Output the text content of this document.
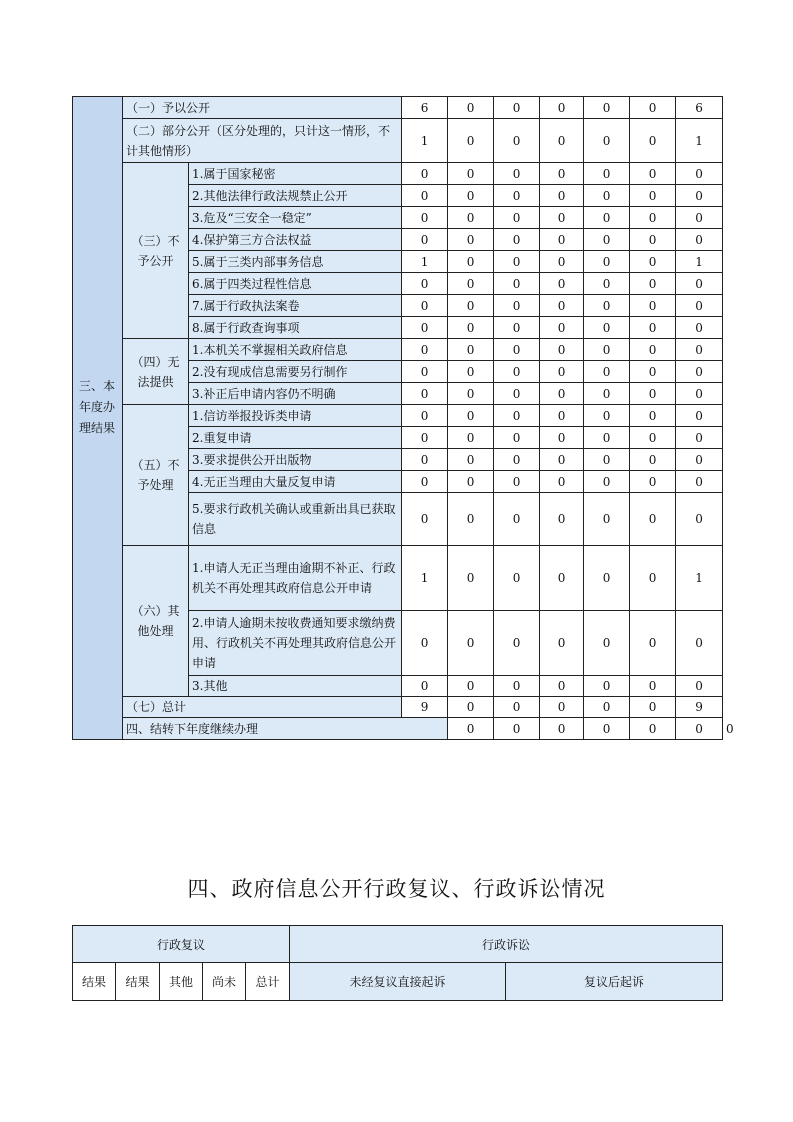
	（一）予以公开		6	0	0	0	0	0	6	
	（二）部分公开（区分处理的，只计这一情形，不计其他情形）		1	0	0	0	0	0	1	
	（三）不予公开	1.属于国家秘密	0	0	0	0	0	0	0	
		2.其他法律行政法规禁止公开	0	0	0	0	0	0	0	
		3.危及“三安全一稳定”	0	0	0	0	0	0	0	
		4.保护第三方合法权益	0	0	0	0	0	0	0	
		5.属于三类内部事务信息	1	0	0	0	0	0	1	
		6.属于四类过程性信息	0	0	0	0	0	0	0	
		7.属于行政执法案卷	0	0	0	0	0	0	0	
		8.属于行政查询事项	0	0	0	0	0	0	0	
	（四）无法提供	1.本机关不掌握相关政府信息	0	0	0	0	0	0	0	
		2.没有现成信息需要另行制作	0	0	0	0	0	0	0	
		3.补正后申请内容仍不明确	0	0	0	0	0	0	0	
	（五）不予处理	1.信访举报投诉类申请	0	0	0	0	0	0	0	
		2.重复申请	0	0	0	0	0	0	0	
		3.要求提供公开出版物	0	0	0	0	0	0	0	
		4.无正当理由大量反复申请	0	0	0	0	0	0	0	
		5.要求行政机关确认或重新出具已获取信息	0	0	0	0	0	0	0	
	（六）其他处理	1.申请人无正当理由逾期不补正、行政机关不再处理其政府信息公开申请	1	0	0	0	0	0	1	
		2.申请人逾期未按收费通知要求缴纳费用、行政机关不再处理其政府信息公开申请	0	0	0	0	0	0	0	
		3.其他	0	0	0	0	0	0	0	
	（七）总计		9	0	0	0	0	0	9	
	四、结转下年度继续办理			0	0	0	0	0	0	0
三、本年度办理结果
四、政府信息公开行政复议、行政诉讼情况
行政复议					行政诉讼	
结果	结果	其他	尚未	总计	未经复议直接起诉	复议后起诉
